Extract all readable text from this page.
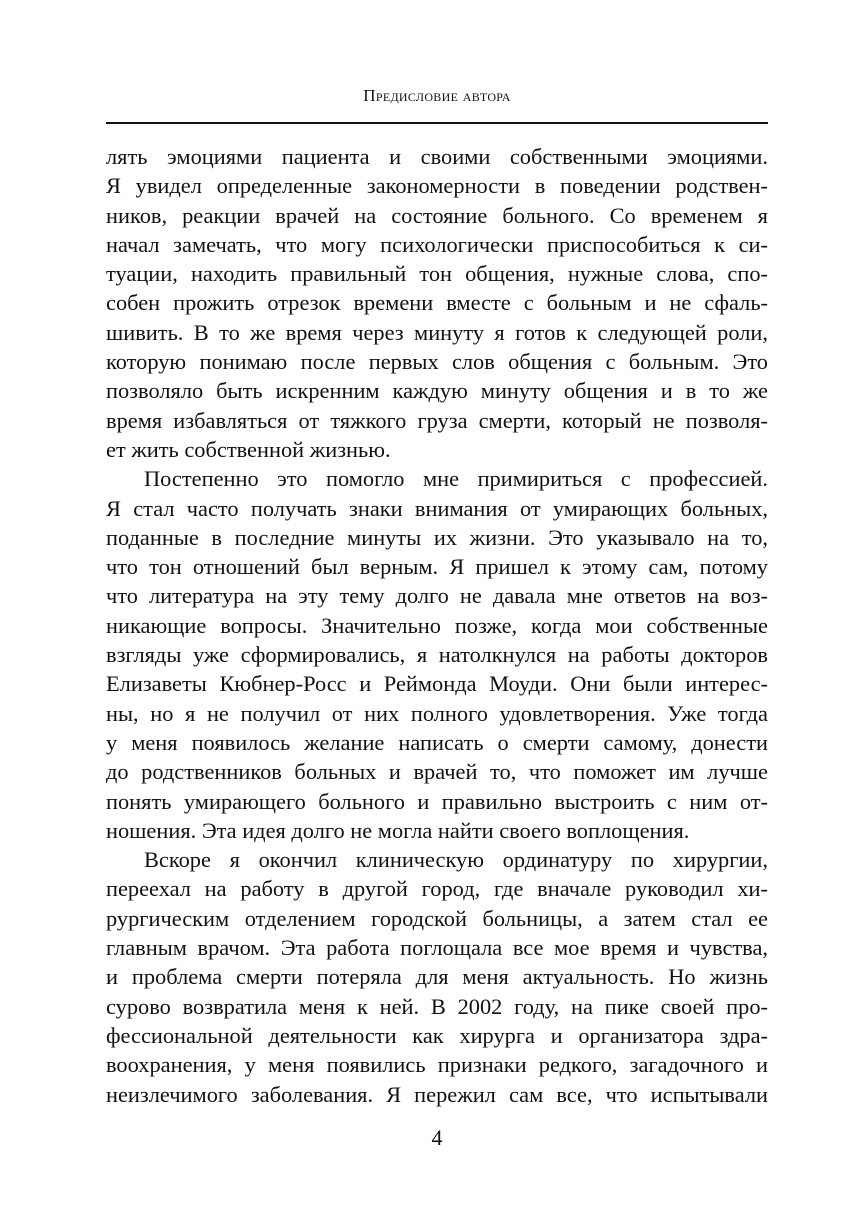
Предисловие автора
лять эмоциями пациента и своими собственными эмоциями.
Я увидел определенные закономерности в поведении родствен-
ников, реакции врачей на состояние больного. Со временем я
начал замечать, что могу психологически приспособиться к си-
туации, находить правильный тон общения, нужные слова, спо-
собен прожить отрезок времени вместе с больным и не сфаль-
шивить. В то же время через минуту я готов к следующей роли,
которую понимаю после первых слов общения с больным. Это
позволяло быть искренним каждую минуту общения и в то же
время избавляться от тяжкого груза смерти, который не позволя-
ет жить собственной жизнью.
Постепенно это помогло мне примириться с профессией.
Я стал часто получать знаки внимания от умирающих больных,
поданные в последние минуты их жизни. Это указывало на то,
что тон отношений был верным. Я пришел к этому сам, потому
что литература на эту тему долго не давала мне ответов на воз-
никающие вопросы. Значительно позже, когда мои собственные
взгляды уже сформировались, я натолкнулся на работы докторов
Елизаветы Кюбнер-Росс и Реймонда Моуди. Они были интерес-
ны, но я не получил от них полного удовлетворения. Уже тогда
у меня появилось желание написать о смерти самому, донести
до родственников больных и врачей то, что поможет им лучше
понять умирающего больного и правильно выстроить с ним от-
ношения. Эта идея долго не могла найти своего воплощения.
Вскоре я окончил клиническую ординатуру по хирургии,
переехал на работу в другой город, где вначале руководил хи-
рургическим отделением городской больницы, а затем стал ее
главным врачом. Эта работа поглощала все мое время и чувства,
и проблема смерти потеряла для меня актуальность. Но жизнь
сурово возвратила меня к ней. В 2002 году, на пике своей про-
фессиональной деятельности как хирурга и организатора здра-
воохранения, у меня появились признаки редкого, загадочного и
неизлечимого заболевания. Я пережил сам все, что испытывали
4
